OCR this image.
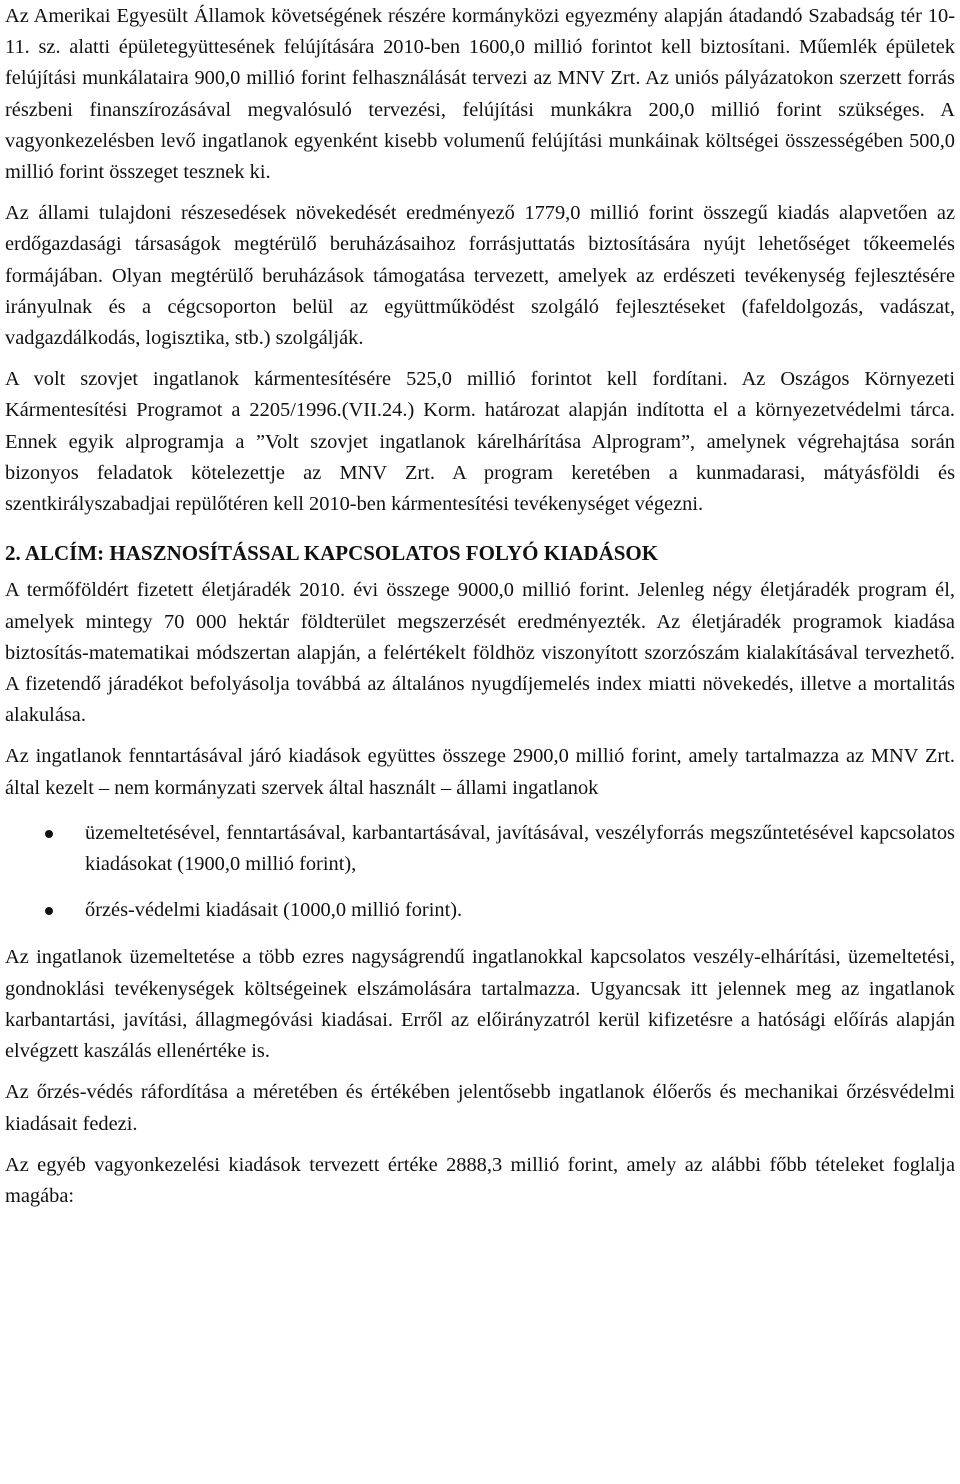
Az Amerikai Egyesült Államok követségének részére kormányközi egyezmény alapján átadandó Szabadság tér 10-11. sz. alatti épületegyüttesének felújítására 2010-ben 1600,0 millió forintot kell biztosítani. Műemlék épületek felújítási munkálataira 900,0 millió forint felhasználását tervezi az MNV Zrt. Az uniós pályázatokon szerzett forrás részbeni finanszírozásával megvalósuló tervezési, felújítási munkákra 200,0 millió forint szükséges. A vagyonkezelésben levő ingatlanok egyenként kisebb volumenű felújítási munkáinak költségei összességében 500,0 millió forint összeget tesznek ki.

Az állami tulajdoni részesedések növekedését eredményező 1779,0 millió forint összegű kiadás alapvetően az erdőgazdasági társaságok megtérülő beruházásaihoz forrásjuttatás biztosítására nyújt lehetőséget tőkeemelés formájában. Olyan megtérülő beruházások támogatása tervezett, amelyek az erdészeti tevékenység fejlesztésére irányulnak és a cégcsoporton belül az együttműködést szolgáló fejlesztéseket (fafeldolgozás, vadászat, vadgazdálkodás, logisztika, stb.) szolgálják.

A volt szovjet ingatlanok kármentesítésére 525,0 millió forintot kell fordítani. Az Oszágos Környezeti Kármentesítési Programot a 2205/1996.(VII.24.) Korm. határozat alapján indította el a környezetvédelmi tárca. Ennek egyik alprogramja a ”Volt szovjet ingatlanok kárelhárítása Alprogram”, amelynek végrehajtása során bizonyos feladatok kötelezettje az MNV Zrt. A program keretében a kunmadarasi, mátyásföldi és szentkirályszabadjai repülőtéren kell 2010-ben kármentesítési tevékenységet végezni.

2. ALCÍM: HASZNOSÍTÁSSAL KAPCSOLATOS FOLYÓ KIADÁSOK

A termőföldért fizetett életjáradék 2010. évi összege 9000,0 millió forint. Jelenleg négy életjáradék program él, amelyek mintegy 70 000 hektár földterület megszerzését eredményezték. Az életjáradék programok kiadása biztosítás-matematikai módszertan alapján, a felértékelt földhöz viszonyított szorzószám kialakításával tervezhető. A fizetendő járadékot befolyásolja továbbá az általános nyugdíjemelés index miatti növekedés, illetve a mortalitás alakulása.

Az ingatlanok fenntartásával járó kiadások együttes összege 2900,0 millió forint, amely tartalmazza az MNV Zrt. által kezelt – nem kormányzati szervek által használt – állami ingatlanok

üzemeltetésével, fenntartásával, karbantartásával, javításával, veszélyforrás megszűntetésével kapcsolatos kiadásokat (1900,0 millió forint),
őrzés-védelmi kiadásait (1000,0 millió forint).

Az ingatlanok üzemeltetése a több ezres nagyságrendű ingatlanokkal kapcsolatos veszély-elhárítási, üzemeltetési, gondnoklási tevékenységek költségeinek elszámolására tartalmazza. Ugyancsak itt jelennek meg az ingatlanok karbantartási, javítási, állagmegóvási kiadásai. Erről az előirányzatról kerül kifizetésre a hatósági előírás alapján elvégzett kaszálás ellenértéke is.

Az őrzés-védés ráfordítása a méretében és értékében jelentősebb ingatlanok élőerős és mechanikai őrzésvédelmi kiadásait fedezi.

Az egyéb vagyonkezelési kiadások tervezett értéke 2888,3 millió forint, amely az alábbi főbb tételeket foglalja magába:
